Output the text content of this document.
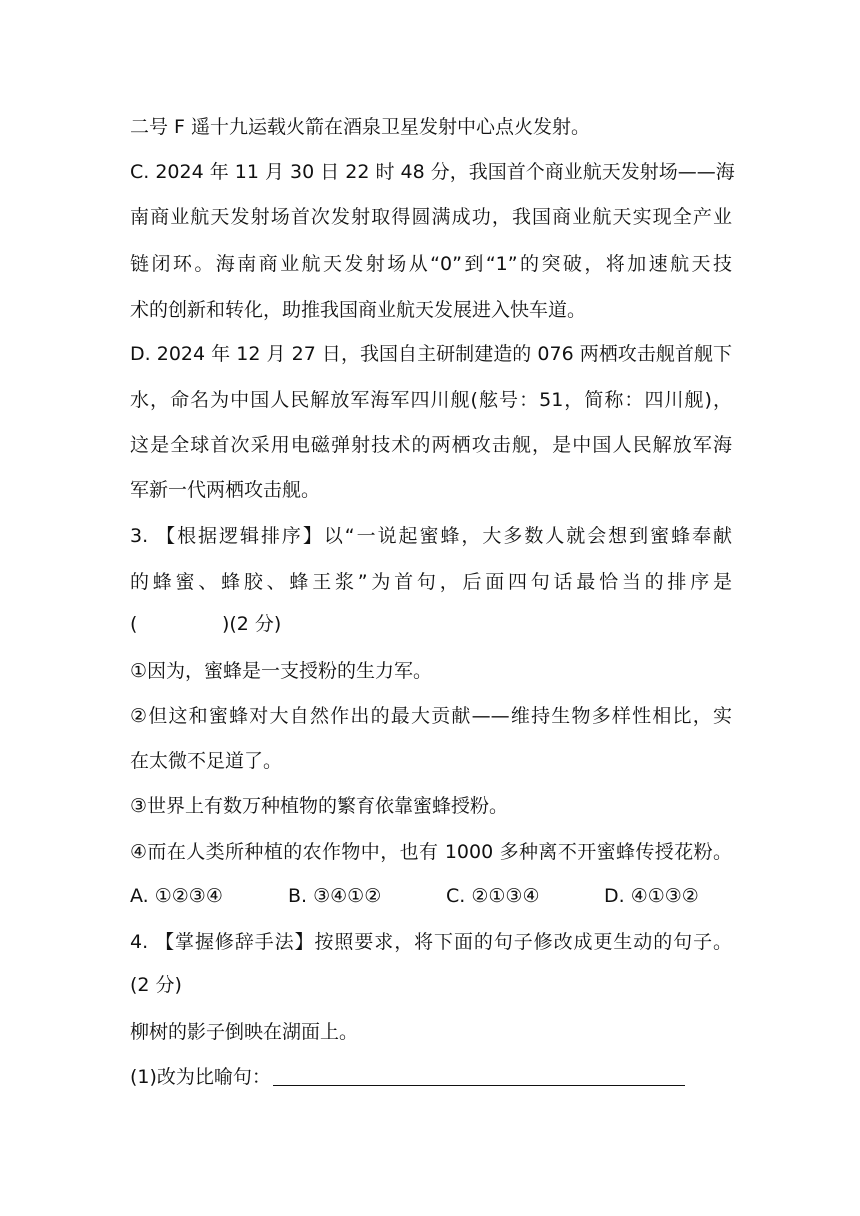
二号 F 遥十九运载火箭在酒泉卫星发射中心点火发射。
C. 2024 年 11 月 30 日 22 时 48 分，我国首个商业航天发射场——海
南商业航天发射场首次发射取得圆满成功，我国商业航天实现全产业
链闭环。海南商业航天发射场从“0”到“1”的突破，将加速航天技
术的创新和转化，助推我国商业航天发展进入快车道。
D. 2024 年 12 月 27 日，我国自主研制建造的 076 两栖攻击舰首舰下
水，命名为中国人民解放军海军四川舰(舷号：51，简称：四川舰)，
这是全球首次采用电磁弹射技术的两栖攻击舰，是中国人民解放军海
军新一代两栖攻击舰。
3. 【根据逻辑排序】以“一说起蜜蜂，大多数人就会想到蜜蜂奉献
的蜂蜜、蜂胶、蜂王浆”为首句，后面四句话最恰当的排序是
(              )(2 分)
①因为，蜜蜂是一支授粉的生力军。
②但这和蜜蜂对大自然作出的最大贡献——维持生物多样性相比，实
在太微不足道了。
③世界上有数万种植物的繁育依靠蜜蜂授粉。
④而在人类所种植的农作物中，也有 1000 多种离不开蜜蜂传授花粉。
A. ①②③④	B. ③④①②	C. ②①③④	D. ④①③②
4. 【掌握修辞手法】按照要求，将下面的句子修改成更生动的句子。
(2 分)
柳树的影子倒映在湖面上。
(1)改为比喻句：
